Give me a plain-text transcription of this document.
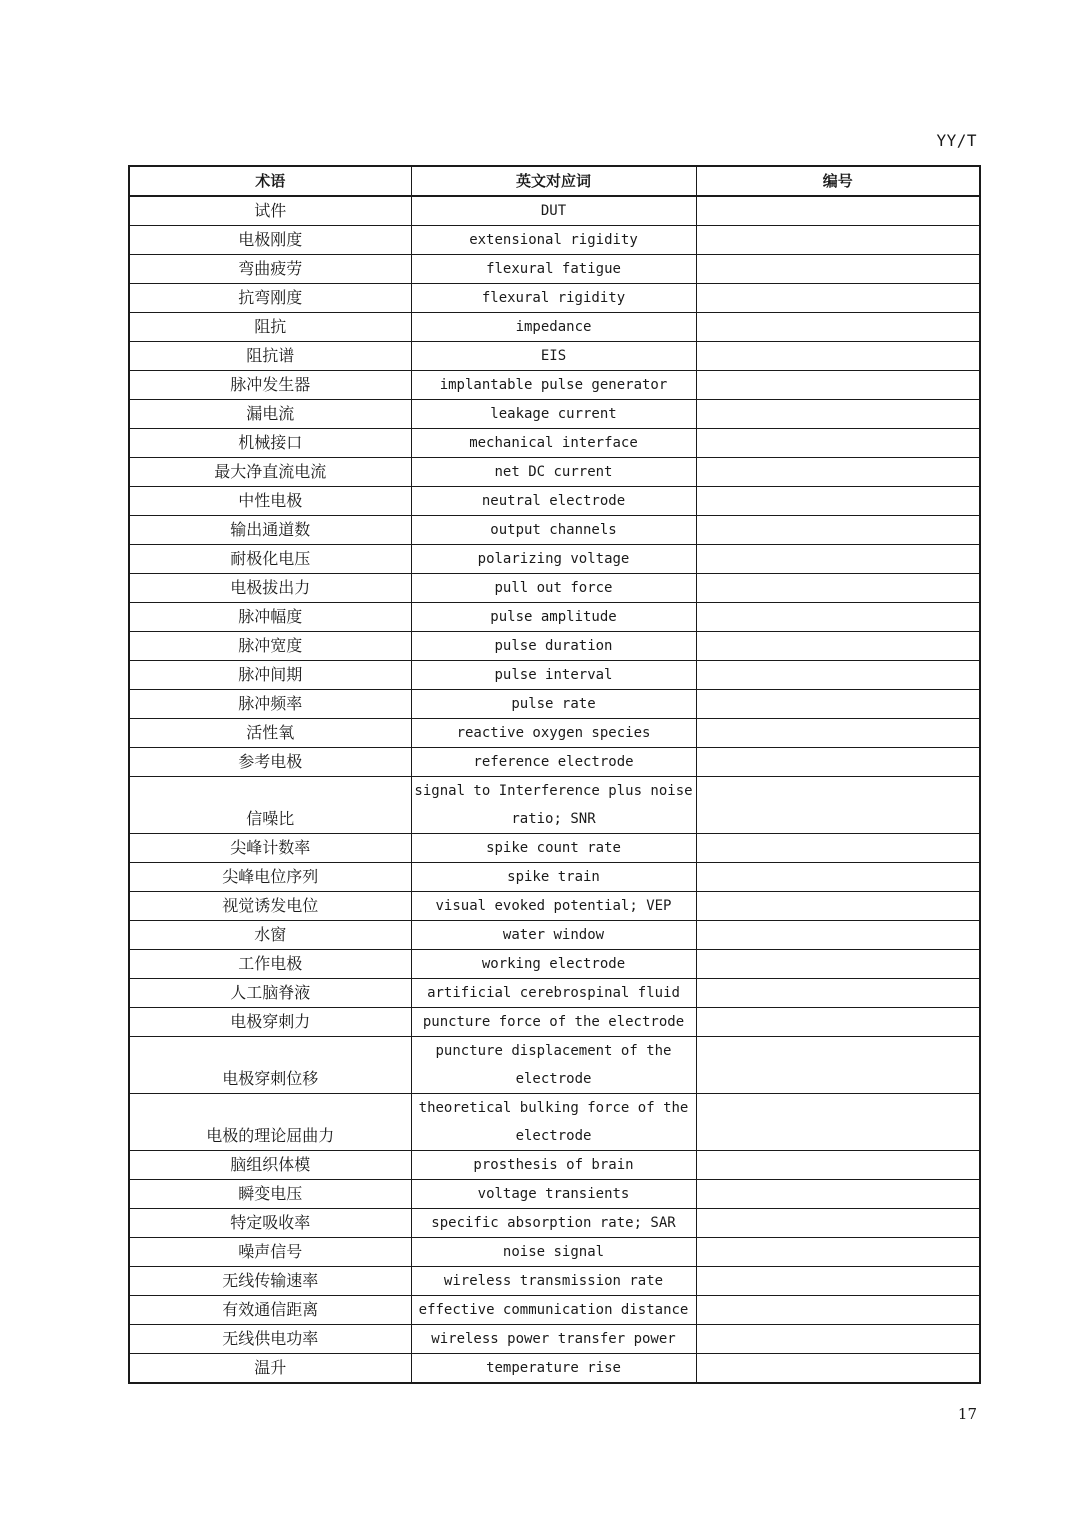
YY/T
术语	英文对应词	编号
试件	DUT	
电极刚度	extensional rigidity	
弯曲疲劳	flexural fatigue	
抗弯刚度	flexural rigidity	
阻抗	impedance	
阻抗谱	EIS	
脉冲发生器	implantable pulse generator	
漏电流	leakage current	
机械接口	mechanical interface	
最大净直流电流	net DC current	
中性电极	neutral electrode	
输出通道数	output channels	
耐极化电压	polarizing voltage	
电极拔出力	pull out force	
脉冲幅度	pulse amplitude	
脉冲宽度	pulse duration	
脉冲间期	pulse interval	
脉冲频率	pulse rate	
活性氧	reactive oxygen species	
参考电极	reference electrode	
信噪比	signal to Interference plus noise ratio; SNR	
尖峰计数率	spike count rate	
尖峰电位序列	spike train	
视觉诱发电位	visual evoked potential; VEP	
水窗	water window	
工作电极	working electrode	
人工脑脊液	artificial cerebrospinal fluid	
电极穿刺力	puncture force of the electrode	
电极穿刺位移	puncture displacement of the electrode	
电极的理论屈曲力	theoretical bulking force of the electrode	
脑组织体模	prosthesis of brain	
瞬变电压	voltage transients	
特定吸收率	specific absorption rate; SAR	
噪声信号	noise signal	
无线传输速率	wireless transmission rate	
有效通信距离	effective communication distance	
无线供电功率	wireless power transfer power	
温升	temperature rise	
17
